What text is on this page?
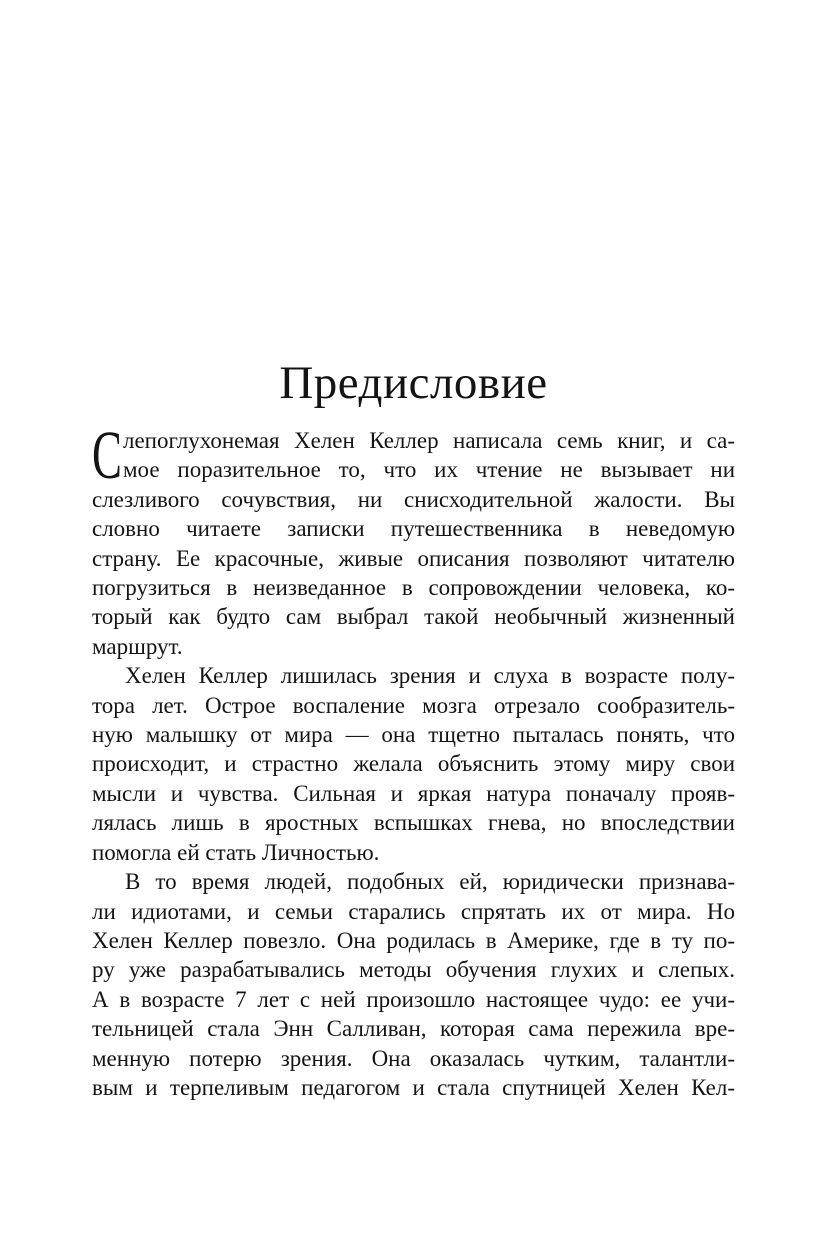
Предисловие
С лепоглухонемая Хелен Келлер написала семь книг, и са-
мое поразительное то, что их чтение не вызывает ни
слезливого сочувствия, ни снисходительной жалости. Вы
словно читаете записки путешественника в неведомую
страну. Ее красочные, живые описания позволяют читателю
погрузиться в неизведанное в сопровождении человека, ко-
торый как будто сам выбрал такой необычный жизненный
маршрут.
Хелен Келлер лишилась зрения и слуха в возрасте полу-
тора лет. Острое воспаление мозга отрезало сообразитель-
ную малышку от мира — она тщетно пыталась понять, что
происходит, и страстно желала объяснить этому миру свои
мысли и чувства. Сильная и яркая натура поначалу прояв-
лялась лишь в яростных вспышках гнева, но впоследствии
помогла ей стать Личностью.
В то время людей, подобных ей, юридически признава-
ли идиотами, и семьи старались спрятать их от мира. Но
Хелен Келлер повезло. Она родилась в Америке, где в ту по-
ру уже разрабатывались методы обучения глухих и слепых.
А в возрасте 7 лет с ней произошло настоящее чудо: ее учи-
тельницей стала Энн Салливан, которая сама пережила вре-
менную потерю зрения. Она оказалась чутким, талантли-
вым и терпеливым педагогом и стала спутницей Хелен Кел-
